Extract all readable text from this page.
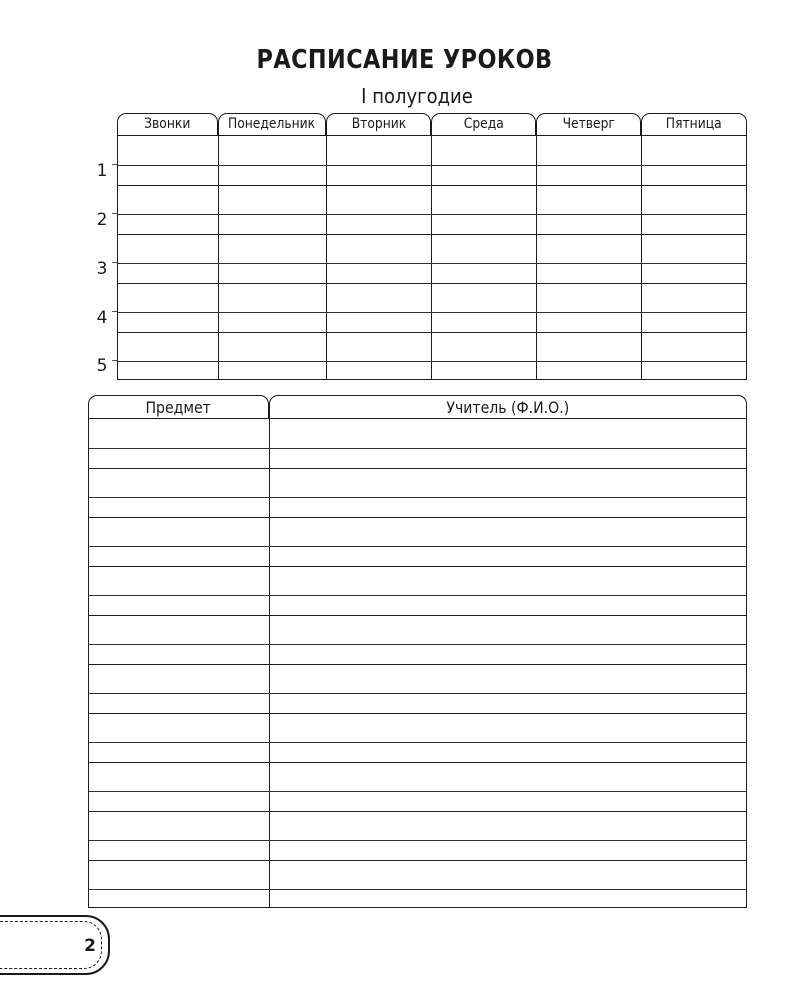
РАСПИСАНИЕ УРОКОВ

I полугодие

Звонки	Понедельник	Вторник	Среда	Четверг	Пятница
1
2
3
4
5
Предмет	Учитель (Ф.И.О.)
2
